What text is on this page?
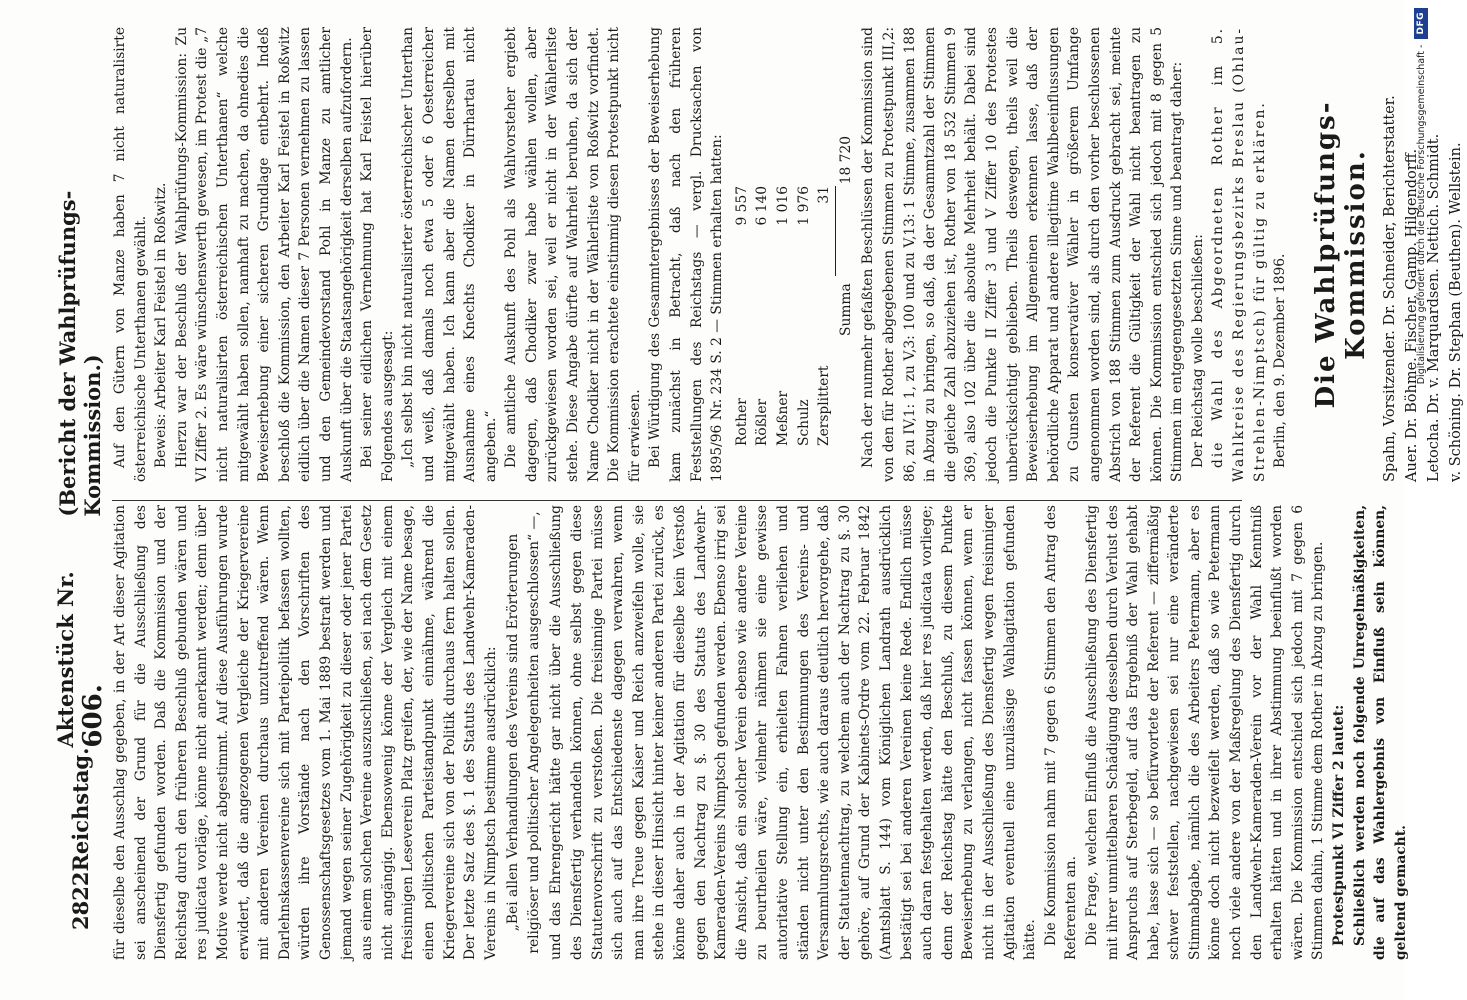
2822
Reichstag.
Aktenstück Nr. 606.
(Bericht der Wahlprüfungs-Kommission.)

für dieselbe den Ausschlag gegeben, in der Art dieser Agitation sei anscheinend der Grund für die Ausschließung des Diensfertig gefunden worden. Daß die Kommission und der Reichstag durch den früheren Beschluß gebunden wären und res judicata vorläge, könne nicht anerkannt werden; denn über Motive werde nicht abgestimmt. Auf diese Ausführungen wurde erwidert, daß die angezogenen Vergleiche der Kriegervereine mit anderen Vereinen durchaus unzutreffend wären. Wenn Darlehnskassenvereine sich mit Parteipolitik befassen wollten, würden ihre Vorstände nach den Vorschriften des Genossenschaftsgesetzes vom 1. Mai 1889 bestraft werden und jemand wegen seiner Zugehörigkeit zu dieser oder jener Partei aus einem solchen Vereine auszuschließen, sei nach dem Gesetz nicht angängig. Ebensowenig könne der Vergleich mit einem freisinnigen Leseverein Platz greifen, der, wie der Name besage, einen politischen Parteistandpunkt einnähme, während die Kriegervereine sich von der Politik durchaus fern halten sollen. Der letzte Satz des §. 1 des Statuts des Landwehr-Kameraden-Vereins in Nimptsch bestimme ausdrücklich: „Bei allen Verhandlungen des Vereins sind Erörterungen religiöser und politischer Angelegenheiten ausgeschlossen“ —, und das Ehrengericht hätte gar nicht über die Ausschließung des Diensfertig verhandeln können, ohne selbst gegen diese Statutenvorschrift zu verstoßen. Die freisinnige Partei müsse sich auch auf das Entschiedenste dagegen verwahren, wenn man ihre Treue gegen Kaiser und Reich anzweifeln wolle, sie stehe in dieser Hinsicht hinter keiner anderen Partei zurück, es könne daher auch in der Agitation für dieselbe kein Verstoß gegen den Nachtrag zu §. 30 des Statuts des Landwehr-Kameraden-Vereins Nimptsch gefunden werden. Ebenso irrig sei die Ansicht, daß ein solcher Verein ebenso wie andere Vereine zu beurtheilen wäre, vielmehr nähmen sie eine gewisse autoritative Stellung ein, erhielten Fahnen verliehen und ständen nicht unter den Bestimmungen des Vereins- und Versammlungsrechts, wie auch daraus deutlich hervorgehe, daß der Statutennachtrag, zu welchem auch der Nachtrag zu §. 30 gehöre, auf Grund der Kabinets-Ordre vom 22. Februar 1842 (Amtsblatt S. 144) vom Königlichen Landrath ausdrücklich bestätigt sei bei anderen Vereinen keine Rede. Endlich müsse auch daran festgehalten werden, daß hier res judicata vorliege; denn der Reichstag hätte den Beschluß, zu diesem Punkte Beweiserhebung zu verlangen, nicht fassen können, wenn er nicht in der Ausschließung des Diensfertig wegen freisinniger Agitation eventuell eine unzulässige Wahlagitation gefunden hätte. Die Kommission nahm mit 7 gegen 6 Stimmen den Antrag des Referenten an. Die Frage, welchen Einfluß die Ausschließung des Diensfertig mit ihrer unmittelbaren Schädigung desselben durch Verlust des Anspruchs auf Sterbegeld, auf das Ergebniß der Wahl gehabt habe, lasse sich — so befürwortete der Referent — ziffermäßig schwer feststellen, nachgewiesen sei nur eine veränderte Stimmabgabe, nämlich die des Arbeiters Petermann, aber es könne doch nicht bezweifelt werden, daß so wie Petermann noch viele andere von der Maßregelung des Diensfertig durch den Landwehr-Kameraden-Verein vor der Wahl Kenntniß erhalten hätten und in ihrer Abstimmung beeinflußt worden wären. Die Kommission entschied sich jedoch mit 7 gegen 6 Stimmen dahin, 1 Stimme dem Rother in Abzug zu bringen. Protestpunkt VI Ziffer 2 lautet: Schließlich werden noch folgende Unregelmäßigkeiten, die auf das Wahlergebnis von Einfluß sein können, geltend gemacht.

Auf den Gütern von Manze haben 7 nicht naturalisirte österreichische Unterthanen gewählt. Beweis: Arbeiter Karl Feistel in Roßwitz. Hierzu war der Beschluß der Wahlprüfungs-Kommission: Zu VI Ziffer 2. Es wäre wünschenswerth gewesen, im Protest die „7 nicht naturalisirten österreichischen Unterthanen“ welche mitgewählt haben sollen, namhaft zu machen, da ohnedies die Beweiserhebung einer sicheren Grundlage entbehrt. Indeß beschloß die Kommission, den Arbeiter Karl Feistel in Roßwitz eidlich über die Namen dieser 7 Personen vernehmen zu lassen und den Gemeindevorstand Pohl in Manze zu amtlicher Auskunft über die Staatsangehörigkeit derselben aufzufordern. Bei seiner eidlichen Vernehmung hat Karl Feistel hierüber Folgendes ausgesagt: „Ich selbst bin nicht naturalisirter österreichischer Unterthan und weiß, daß damals noch etwa 5 oder 6 Oesterreicher mitgewählt haben. Ich kann aber die Namen derselben mit Ausnahme eines Knechts Chodiker in Dürrhartau nicht angeben.“ Die amtliche Auskunft des Pohl als Wahlvorsteher ergiebt dagegen, daß Chodiker zwar habe wählen wollen, aber zurückgewiesen worden sei, weil er nicht in der Wählerliste stehe. Diese Angabe dürfte auf Wahrheit beruhen, da sich der Name Chodiker nicht in der Wählerliste von Roßwitz vorfindet. Die Kommission erachtete einstimmig diesen Protestpunkt nicht für erwiesen. Bei Würdigung des Gesammtergebnisses der Beweiserhebung kam zunächst in Betracht, daß nach den früheren Feststellungen des Reichstags — vergl. Drucksachen von 1895/96 Nr. 234 S. 2 — Stimmen erhalten hatten: Rother
9 557
Rößler
6 140
Meßner
1 016
Schulz
1 976
Zersplittert
31
Summa
18 720 Nach der nunmehr gefaßten Beschlüssen der Kommission sind von den für Rother abgegebenen Stimmen zu Protestpunkt III,2: 86, zu IV,1: 1, zu V,3: 100 und zu V,13: 1 Stimme, zusammen 188 in Abzug zu bringen, so daß, da der Gesammtzahl der Stimmen die gleiche Zahl abzuziehen ist, Rother von 18 532 Stimmen 9 369, also 102 über die absolute Mehrheit behält. Dabei sind jedoch die Punkte II Ziffer 3 und V Ziffer 10 des Protestes unberücksichtigt geblieben. Theils deswegen, theils weil die Beweiserhebung im Allgemeinen erkennen lasse, daß der behördliche Apparat und andere illegitime Wahlbeeinflussungen zu Gunsten konservativer Wähler in größerem Umfange angenommen worden sind, als durch den vorher beschlossenen Abstrich von 188 Stimmen zum Ausdruck gebracht sei, meinte der Referent die Gültigkeit der Wahl nicht beantragen zu können. Die Kommission entschied sich jedoch mit 8 gegen 5 Stimmen im entgegengesetzten Sinne und beantragt daher: Der Reichstag wolle beschließen: die Wahl des Abgeordneten Rother im 5. Wahlkreise des Regierungsbezirks Breslau (Ohlau-Strehlen-Nimptsch) für gültig zu erklären. Berlin, den 9. Dezember 1896. Die Wahlprüfungs-Kommission. Spahn, Vorsitzender. Dr. Schneider, Berichterstatter. Auer. Dr. Böhme. Fischer. Gamp. Hilgendorff. Letocha. Dr. v. Marquardsen. Nettich. Schmidt. v. Schöning. Dr. Stephan (Beuthen). Wellstein.

Digitalisierung gefördert durch die Deutsche Forschungsgemeinschaft -
DFG
